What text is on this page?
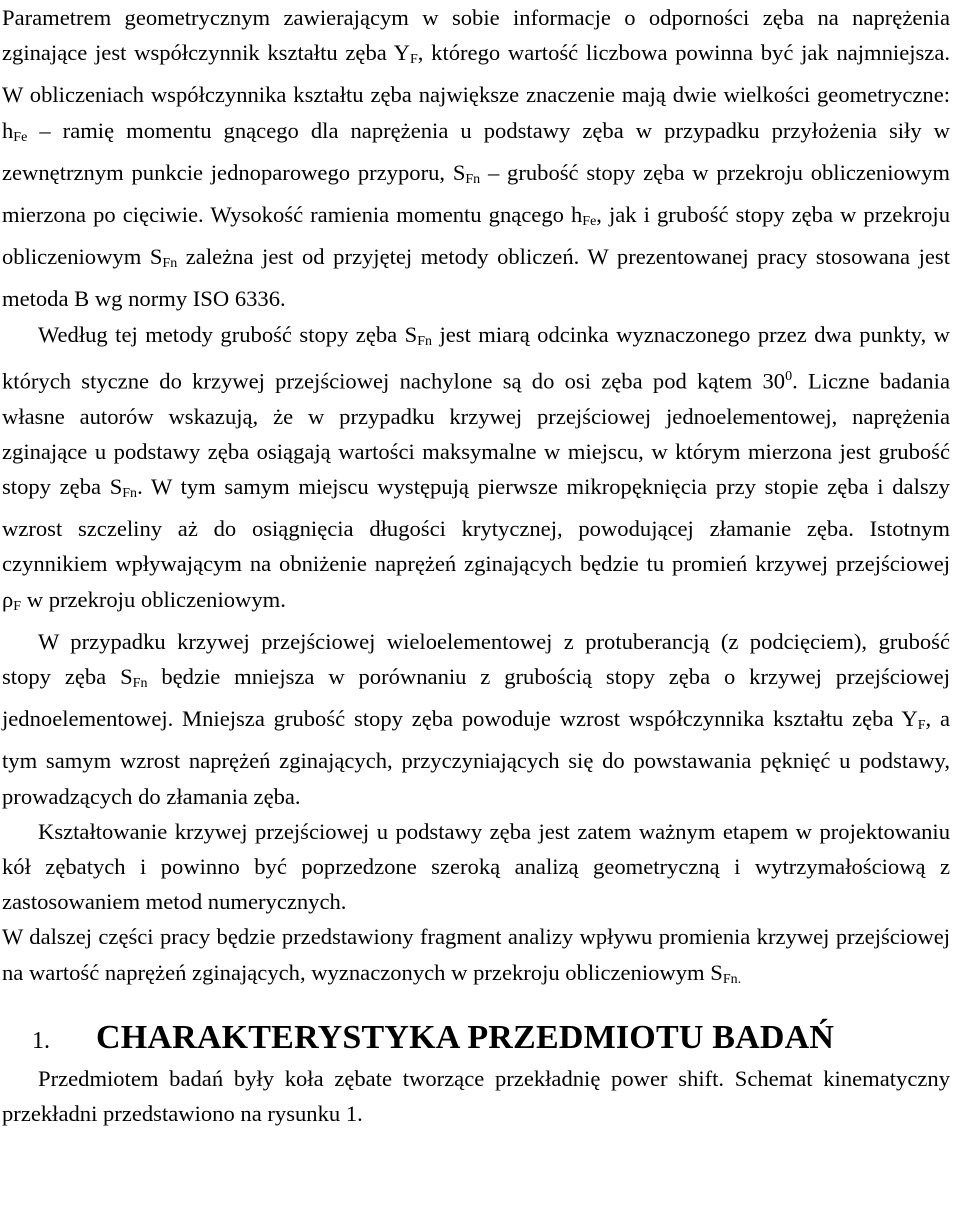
Parametrem geometrycznym zawierającym w sobie informacje o odporności zęba na naprężenia zginające jest współczynnik kształtu zęba $Y_F$, którego wartość liczbowa powinna być jak najmniejsza. W obliczeniach współczynnika kształtu zęba największe znaczenie mają dwie wielkości geometryczne: $h_{Fe}$ – ramię momentu gnącego dla naprężenia u podstawy zęba w przypadku przyłożenia siły w zewnętrznym punkcie jednoparowego przyporu, $S_{Fn}$ – grubość stopy zęba w przekroju obliczeniowym mierzona po cięciwie. Wysokość ramienia momentu gnącego $h_{Fe}$, jak i grubość stopy zęba w przekroju obliczeniowym $S_{Fn}$ zależna jest od przyjętej metody obliczeń. W prezentowanej pracy stosowana jest metoda B wg normy ISO 6336.

Według tej metody grubość stopy zęba $S_{Fn}$ jest miarą odcinka wyznaczonego przez dwa punkty, w których styczne do krzywej przejściowej nachylone są do osi zęba pod kątem $30^0$. Liczne badania własne autorów wskazują, że w przypadku krzywej przejściowej jednoelementowej, naprężenia zginające u podstawy zęba osiągają wartości maksymalne w miejscu, w którym mierzona jest grubość stopy zęba $S_{Fn}$. W tym samym miejscu występują pierwsze mikropęknięcia przy stopie zęba i dalszy wzrost szczeliny aż do osiągnięcia długości krytycznej, powodującej złamanie zęba. Istotnym czynnikiem wpływającym na obniżenie naprężeń zginających będzie tu promień krzywej przejściowej $\rho_F$ w przekroju obliczeniowym.

W przypadku krzywej przejściowej wieloelementowej z protuberancją (z podcięciem), grubość stopy zęba $S_{Fn}$ będzie mniejsza w porównaniu z grubością stopy zęba o krzywej przejściowej jednoelementowej. Mniejsza grubość stopy zęba powoduje wzrost współczynnika kształtu zęba $Y_F$, a tym samym wzrost naprężeń zginających, przyczyniających się do powstawania pęknięć u podstawy, prowadzących do złamania zęba.

Kształtowanie krzywej przejściowej u podstawy zęba jest zatem ważnym etapem w projektowaniu kół zębatych i powinno być poprzedzone szeroką analizą geometryczną i wytrzymałościową z zastosowaniem metod numerycznych.

W dalszej części pracy będzie przedstawiony fragment analizy wpływu promienia krzywej przejściowej na wartość naprężeń zginających, wyznaczonych w przekroju obliczeniowym $S_{Fn.}$

1.	CHARAKTERYSTYKA PRZEDMIOTU BADAŃ

Przedmiotem badań były koła zębate tworzące przekładnię power shift. Schemat kinematyczny przekładni przedstawiono na rysunku 1.
